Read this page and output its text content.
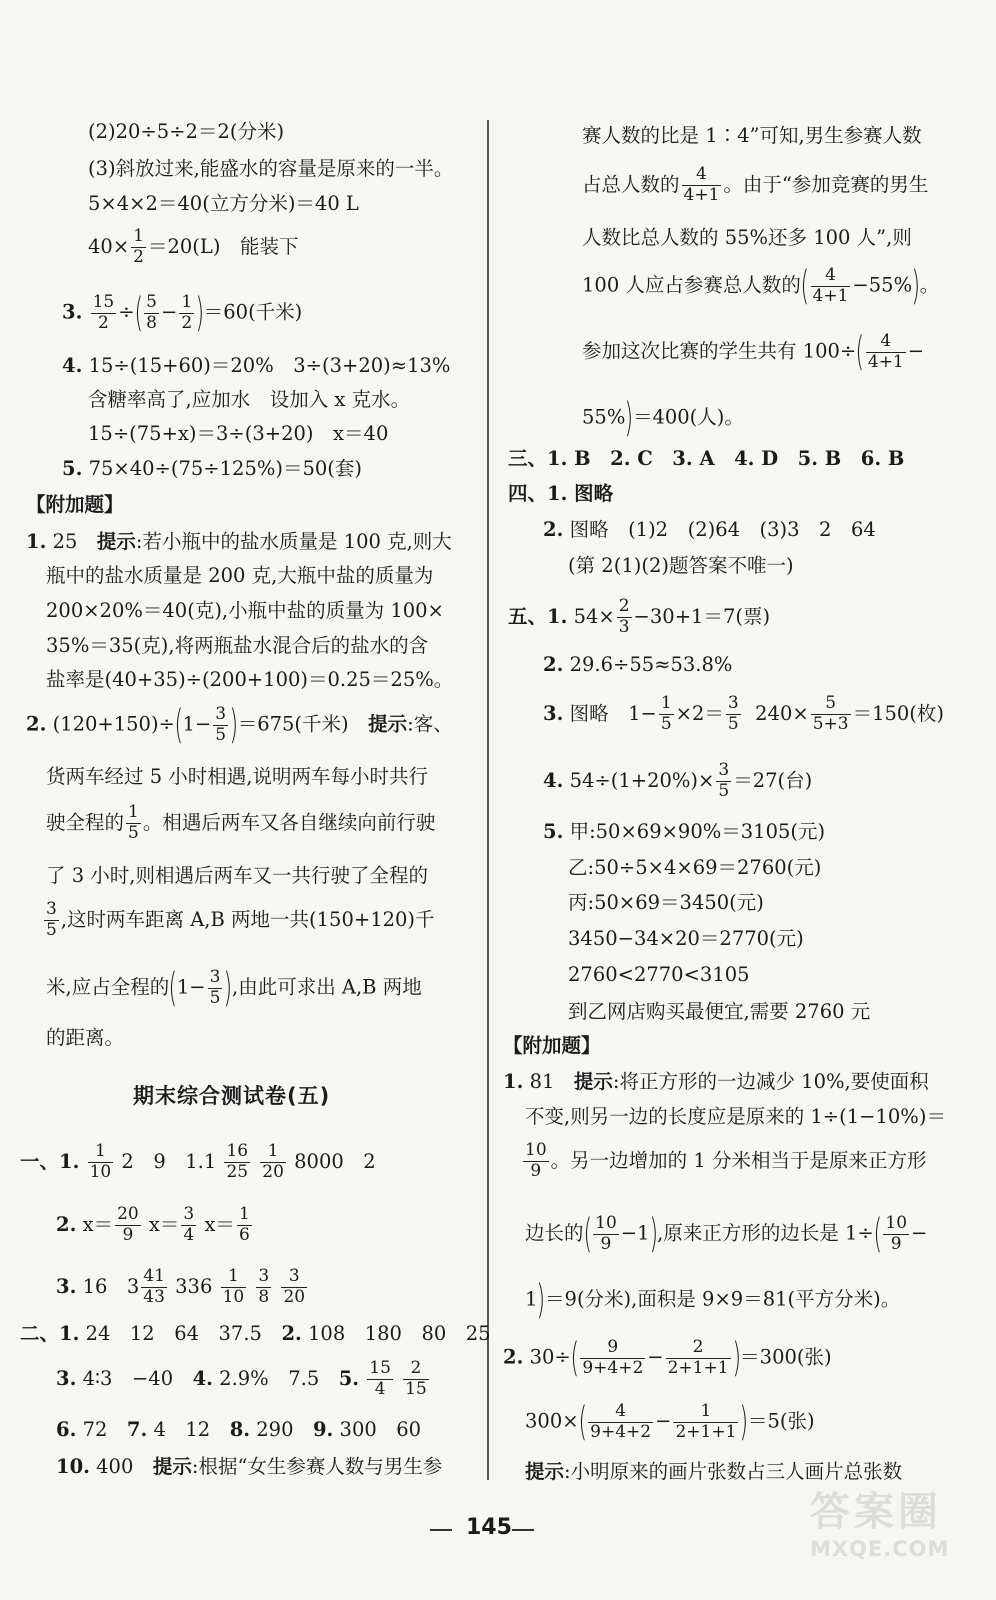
(2)20÷5÷2＝2(分米)
(3)斜放过来,能盛水的容量是原来的一半。
5×4×2＝40(立方分米)＝40 L
$40\times \frac{1}{2} =20(L)$　能装下
3. $\frac{15}{2}$ ÷( $\frac{5}{8} - \frac{1}{2} )=60$(千米)
4. 15÷(15+60)＝20%　3÷(3+20)≈13%
含糖率高了,应加水　设加入 x 克水。
15÷(75+x)＝3÷(3+20)　x＝40
5. 75×40÷(75÷125%)＝50(套)
【附加题】
1. 25　提示:若小瓶中的盐水质量是 100 克,则大
瓶中的盐水质量是 200 克,大瓶中盐的质量为
200×20%＝40(克),小瓶中盐的质量为 100×
35%＝35(克),将两瓶盐水混合后的盐水的含
盐率是(40+35)÷(200+100)＝0.25＝25%。
2. $(120+150)\div(1- \frac{3}{5} )=675$(千米)　提示:客、
货两车经过 5 小时相遇,说明两车每小时共行
驶全程的 $\frac{1}{5}$ 。相遇后两车又各自继续向前行驶
了 3 小时,则相遇后两车又一共行驶了全程的
$\frac{3}{5}$ ,这时两车距离 A,B 两地一共(150+120)千
米,应占全程的($1- \frac{3}{5}$ ),由此可求出 A,B 两地
的距离。
期末综合测试卷(五)
一、1. $\frac{1}{10} 2$　9　$1.1 \frac{16}{25}$
$\frac{1}{20} 8000$　2
2. $x= \frac{20}{9} x= \frac{3}{4} x= \frac{1}{6}$
3. 16　$3 \frac{41}{43} 336 \frac{1}{10}$
$\frac{3}{8}$
$\frac{3}{20}$
二、1. 24　12　64　37.5　2. 108　180　80　25
3. 4∶3　−40　4. 2.9%　7.5　5. $\frac{15}{4}$
$\frac{2}{15}$
6. 72　7. 4　12　8. 290　9. 300　60
10. 400　提示:根据“女生参赛人数与男生参
赛人数的比是 1∶4”可知,男生参赛人数
占总人数的 $\frac{4}{4+1}$ 。由于“参加竞赛的男生
人数比总人数的 55%还多 100 人”,则
100 人应占参赛总人数的( $\frac{4}{4+1} -55\%$)。
参加这次比赛的学生共有 $100\div( \frac{4}{4+1}$ −
55%)＝400(人)。
三、1. B　2. C　3. A　4. D　5. B　6. B
四、1. 图略
2. 图略　(1)2　(2)64　(3)3　2　64
(第 2(1)(2)题答案不唯一)
五、1. $54\times \frac{2}{3} -30+1=7$(票)
2. 29.6÷55≈53.8%
3. 图略　$1- \frac{1}{5} \times 2= \frac{3}{5} 240\times \frac{5}{5+3} =150$(枚)
4. $54\div(1+20\%)\times \frac{3}{5} =27$(台)
5. 甲:50×69×90%＝3105(元)
乙:50÷5×4×69＝2760(元)
丙:50×69＝3450(元)
3450−34×20＝2770(元)
2760<2770<3105
到乙网店购买最便宜,需要 2760 元
【附加题】
1. 81　提示:将正方形的一边减少 10%,要使面积
不变,则另一边的长度应是原来的 1÷(1−10%)＝
$\frac{10}{9}$ 。另一边增加的 1 分米相当于是原来正方形
边长的( $\frac{10}{9} -1$),原来正方形的边长是 $1\div( \frac{10}{9}$ −
1)＝9(分米),面积是 9×9＝81(平方分米)。
2. $30\div( \frac{9}{9+4+2} - \frac{2}{2+1+1} )=300$(张)
$300\times( \frac{4}{9+4+2} - \frac{1}{2+1+1} )=5$(张)
提示:小明原来的画片张数占三人画片总张数
145	答案圈
MXQE.COM
